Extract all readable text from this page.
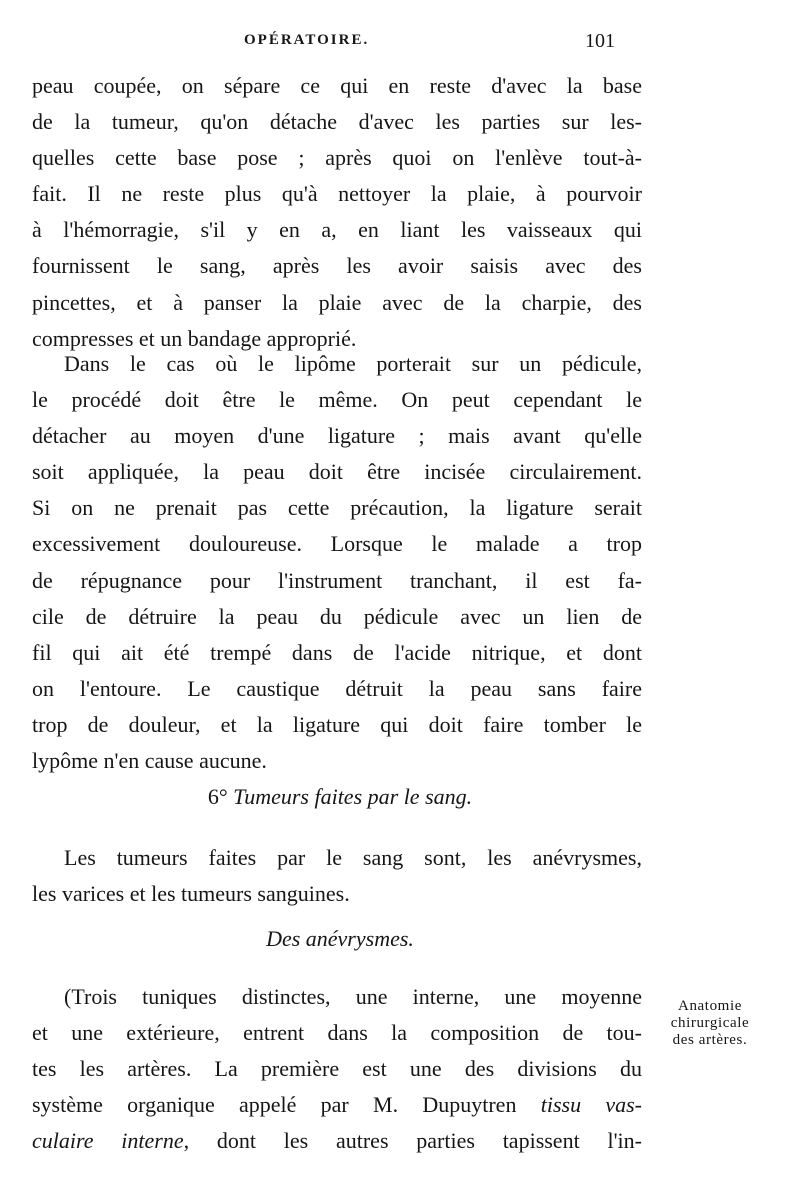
OPÉRATOIRE.	101
peau coupée, on sépare ce qui en reste d'avec la base
de la tumeur, qu'on détache d'avec les parties sur les-
quelles cette base pose ; après quoi on l'enlève tout-à-
fait. Il ne reste plus qu'à nettoyer la plaie, à pourvoir
à l'hémorragie, s'il y en a, en liant les vaisseaux qui
fournissent le sang, après les avoir saisis avec des
pincettes, et à panser la plaie avec de la charpie, des
compresses et un bandage approprié.
Dans le cas où le lipôme porterait sur un pédicule,
le procédé doit être le même. On peut cependant le
détacher au moyen d'une ligature ; mais avant qu'elle
soit appliquée, la peau doit être incisée circulairement.
Si on ne prenait pas cette précaution, la ligature serait
excessivement douloureuse. Lorsque le malade a trop
de répugnance pour l'instrument tranchant, il est fa-
cile de détruire la peau du pédicule avec un lien de
fil qui ait été trempé dans de l'acide nitrique, et dont
on l'entoure. Le caustique détruit la peau sans faire
trop de douleur, et la ligature qui doit faire tomber le
lypôme n'en cause aucune.
6° Tumeurs faites par le sang.
Les tumeurs faites par le sang sont, les anévrysmes,
les varices et les tumeurs sanguines.
Des anévrysmes.
(Trois tuniques distinctes, une interne, une moyenne
et une extérieure, entrent dans la composition de tou-
tes les artères. La première est une des divisions du
système organique appelé par M. Dupuytren tissu vas-
culaire interne, dont les autres parties tapissent l'in-
Anatomie
chirurgicale
des artères.
